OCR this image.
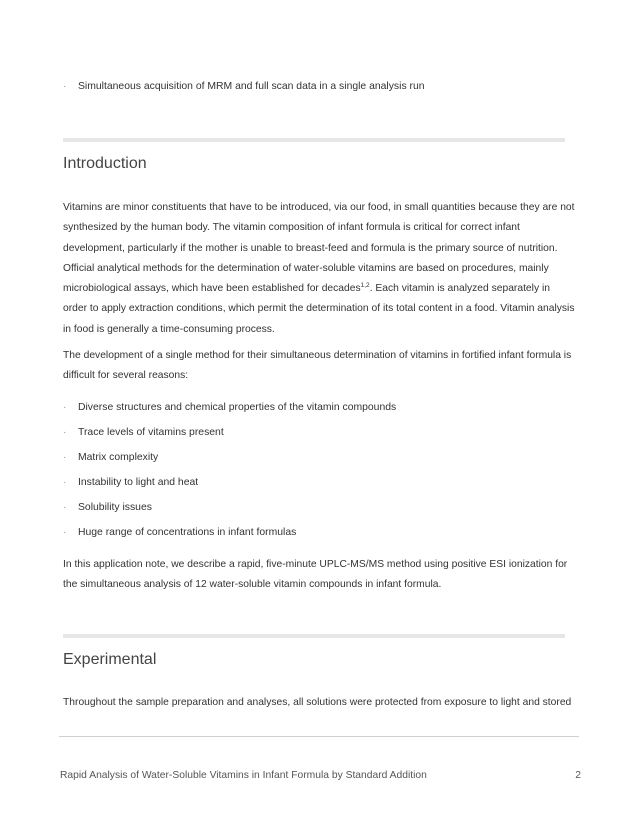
· Simultaneous acquisition of MRM and full scan data in a single analysis run
Introduction

Vitamins are minor constituents that have to be introduced, via our food, in small quantities because they are not synthesized by the human body. The vitamin composition of infant formula is critical for correct infant development, particularly if the mother is unable to breast-feed and formula is the primary source of nutrition. Official analytical methods for the determination of water-soluble vitamins are based on procedures, mainly microbiological assays, which have been established for decades$^{1,2}$. Each vitamin is analyzed separately in order to apply extraction conditions, which permit the determination of its total content in a food. Vitamin analysis in food is generally a time-consuming process.

The development of a single method for their simultaneous determination of vitamins in fortified infant formula is difficult for several reasons:

· Diverse structures and chemical properties of the vitamin compounds
· Trace levels of vitamins present
· Matrix complexity
· Instability to light and heat
· Solubility issues
· Huge range of concentrations in infant formulas

In this application note, we describe a rapid, five-minute UPLC-MS/MS method using positive ESI ionization for the simultaneous analysis of 12 water-soluble vitamin compounds in infant formula.

Experimental

Throughout the sample preparation and analyses, all solutions were protected from exposure to light and stored

Rapid Analysis of Water-Soluble Vitamins in Infant Formula by Standard Addition	2
